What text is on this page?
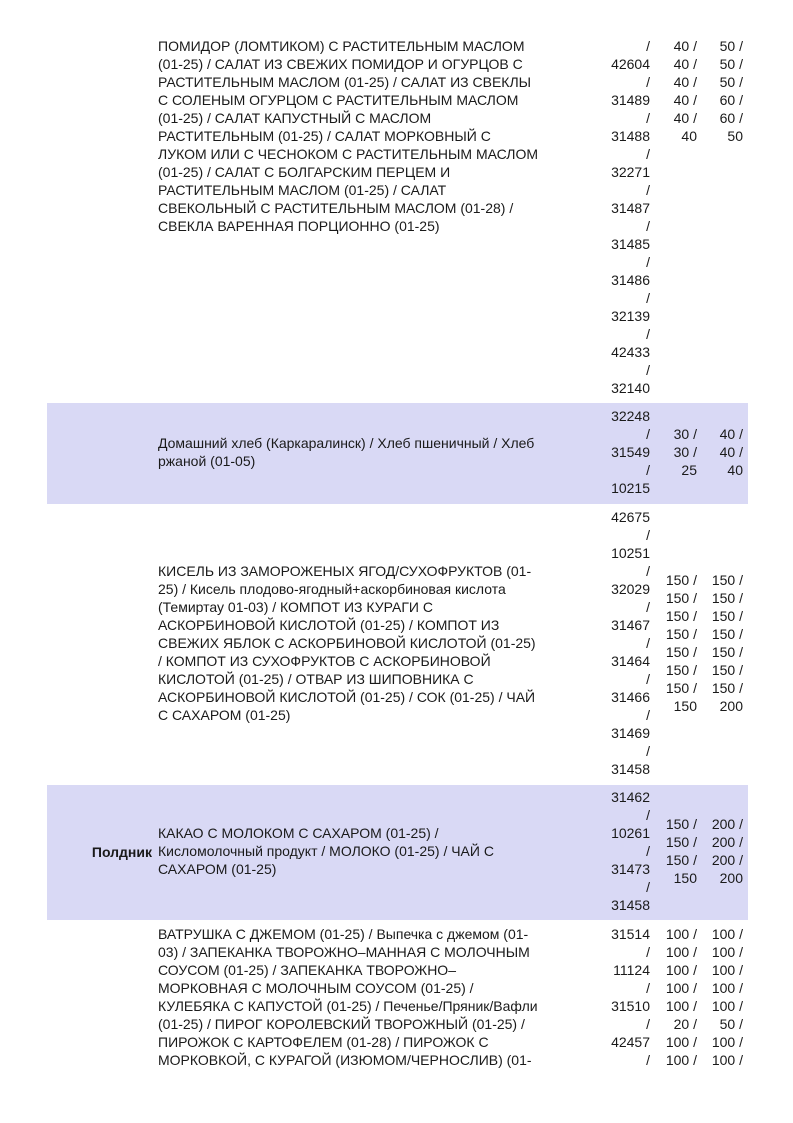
ПОМИДОР (ЛОМТИКОМ) С РАСТИТЕЛЬНЫМ МАСЛОМ
(01-25) / САЛАТ ИЗ СВЕЖИХ ПОМИДОР И ОГУРЦОВ С
РАСТИТЕЛЬНЫМ МАСЛОМ (01-25) / САЛАТ ИЗ СВЕКЛЫ
С СОЛЕНЫМ ОГУРЦОМ С РАСТИТЕЛЬНЫМ МАСЛОМ
(01-25) / САЛАТ КАПУСТНЫЙ С МАСЛОМ
РАСТИТЕЛЬНЫМ (01-25) / САЛАТ МОРКОВНЫЙ С
ЛУКОМ ИЛИ С ЧЕСНОКОМ С РАСТИТЕЛЬНЫМ МАСЛОМ
(01-25) / САЛАТ С БОЛГАРСКИМ ПЕРЦЕМ И
РАСТИТЕЛЬНЫМ МАСЛОМ (01-25) / САЛАТ
СВЕКОЛЬНЫЙ С РАСТИТЕЛЬНЫМ МАСЛОМ (01-28) /
СВЕКЛА ВАРЕННАЯ ПОРЦИОННО (01-25)
/
42604
/
31489
/
31488
/
32271
/
31487
/
31485
/
31486
/
32139
/
42433
/
32140
40 /
40 /
40 /
40 /
40 /
40
50 /
50 /
50 /
60 /
60 /
50
Домашний хлеб (Каркаралинск) / Хлеб пшеничный / Хлеб
ржаной (01-05)
32248
/
31549
/
10215
30 /
30 /
25
40 /
40 /
40
КИСЕЛЬ ИЗ ЗАМОРОЖЕНЫХ ЯГОД/СУХОФРУКТОВ (01-
25) / Кисель плодово-ягодный+аскорбиновая кислота
(Темиртау 01-03) / КОМПОТ ИЗ КУРАГИ С
АСКОРБИНОВОЙ КИСЛОТОЙ (01-25) / КОМПОТ ИЗ
СВЕЖИХ ЯБЛОК С АСКОРБИНОВОЙ КИСЛОТОЙ (01-25)
/ КОМПОТ ИЗ СУХОФРУКТОВ С АСКОРБИНОВОЙ
КИСЛОТОЙ (01-25) / ОТВАР ИЗ ШИПОВНИКА С
АСКОРБИНОВОЙ КИСЛОТОЙ (01-25) / СОК (01-25) / ЧАЙ
С САХАРОМ (01-25)
42675
/
10251
/
32029
/
31467
/
31464
/
31466
/
31469
/
31458
150 /
150 /
150 /
150 /
150 /
150 /
150 /
150
150 /
150 /
150 /
150 /
150 /
150 /
150 /
200
Полдник
КАКАО С МОЛОКОМ С САХАРОМ (01-25) /
Кисломолочный продукт / МОЛОКО (01-25) / ЧАЙ С
САХАРОМ (01-25)
31462
/
10261
/
31473
/
31458
150 /
150 /
150 /
150
200 /
200 /
200 /
200
ВАТРУШКА С ДЖЕМОМ (01-25) / Выпечка с джемом (01-
03) / ЗАПЕКАНКА ТВОРОЖНО–МАННАЯ С МОЛОЧНЫМ
СОУСОМ (01-25) / ЗАПЕКАНКА ТВОРОЖНО–
МОРКОВНАЯ С МОЛОЧНЫМ СОУСОМ (01-25) /
КУЛЕБЯКА С КАПУСТОЙ (01-25) / Печенье/Пряник/Вафли
(01-25) / ПИРОГ КОРОЛЕВСКИЙ ТВОРОЖНЫЙ (01-25) /
ПИРОЖОК С КАРТОФЕЛЕМ (01-28) / ПИРОЖОК С
МОРКОВКОЙ, С КУРАГОЙ (ИЗЮМОМ/ЧЕРНОСЛИВ) (01-
31514
/
11124
/
31510
/
42457
/
100 /
100 /
100 /
100 /
100 /
20 /
100 /
100 /
100 /
100 /
100 /
100 /
100 /
50 /
100 /
100 /
